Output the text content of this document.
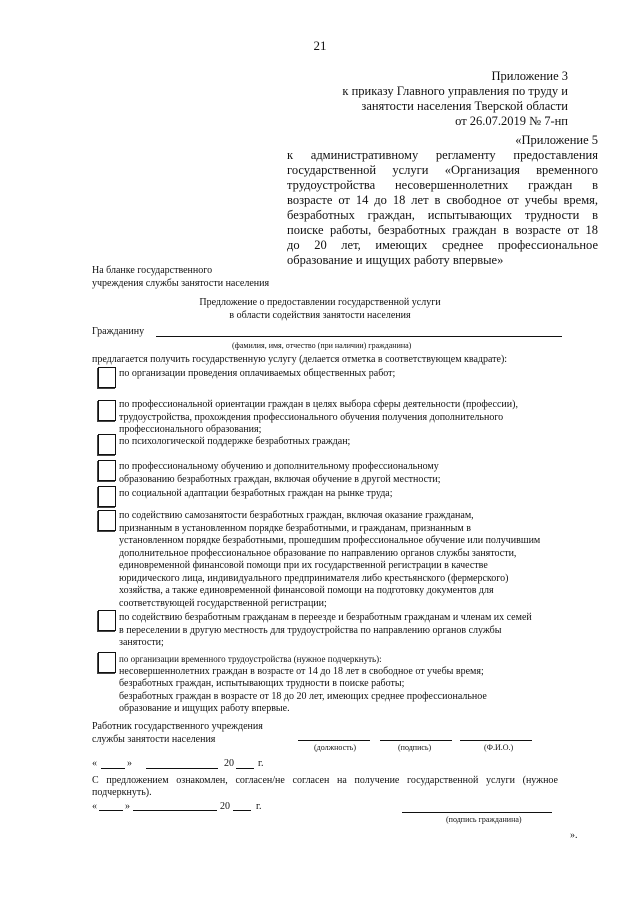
21
Приложение 3
к приказу Главного управления по труду и
занятости населения Тверской области
от 26.07.2019 № 7-нп
«Приложение 5

к административному регламенту предоставления

государственной услуги «Организация временного

трудоустройства несовершеннолетних граждан в

возрасте от 14 до 18 лет в свободное от учебы время,

безработных граждан, испытывающих трудности в

поиске работы, безработных граждан в возрасте от 18

до 20 лет, имеющих среднее профессиональное

образование и ищущих работу впервые»

На бланке государственного
учреждения службы занятости населения
Предложение о предоставлении государственной услуги
в области содействия занятости населения
Гражданину
(фамилия, имя, отчество (при наличии) гражданина)
предлагается получить государственную услугу (делается отметка в соответствующем квадрате):
по организации проведения оплачиваемых общественных работ;
по профессиональной ориентации граждан в целях выбора сферы деятельности (профессии),
трудоустройства, прохождения профессионального обучения получения дополнительного
профессионального образования;
по психологической поддержке безработных граждан;
по профессиональному обучению и дополнительному профессиональному
образованию безработных граждан, включая обучение в другой местности;
по социальной адаптации безработных граждан на рынке труда;
по содействию самозанятости безработных граждан, включая оказание гражданам,
признанным в установленном порядке безработными, и гражданам, признанным в
установленном порядке безработными, прошедшим профессиональное обучение или получившим
дополнительное профессиональное образование по направлению органов службы занятости,
единовременной финансовой помощи при их государственной регистрации в качестве
юридического лица, индивидуального предпринимателя либо крестьянского (фермерского)
хозяйства, а также единовременной финансовой помощи на подготовку документов для
соответствующей государственной регистрации;
по содействию безработным гражданам в переезде и безработным гражданам и членам их семей
в переселении в другую местность для трудоустройства по направлению органов службы
занятости;
по организации временного трудоустройства (нужное подчеркнуть):
несовершеннолетних граждан в возрасте от 14 до 18 лет в свободное от учебы время;
безработных граждан, испытывающих трудности в поиске работы;
безработных граждан в возрасте от 18 до 20 лет, имеющих среднее профессиональное
образование и ищущих работу впервые.
Работник государственного учреждения
службы занятости населения
(должность)	(подпись)	(Ф.И.О.)
«	»	20 г.
С предложением ознакомлен, согласен/не согласен на получение государственной услуги (нужное
подчеркнуть).
«	»	20	г.
(подпись гражданина)
».
